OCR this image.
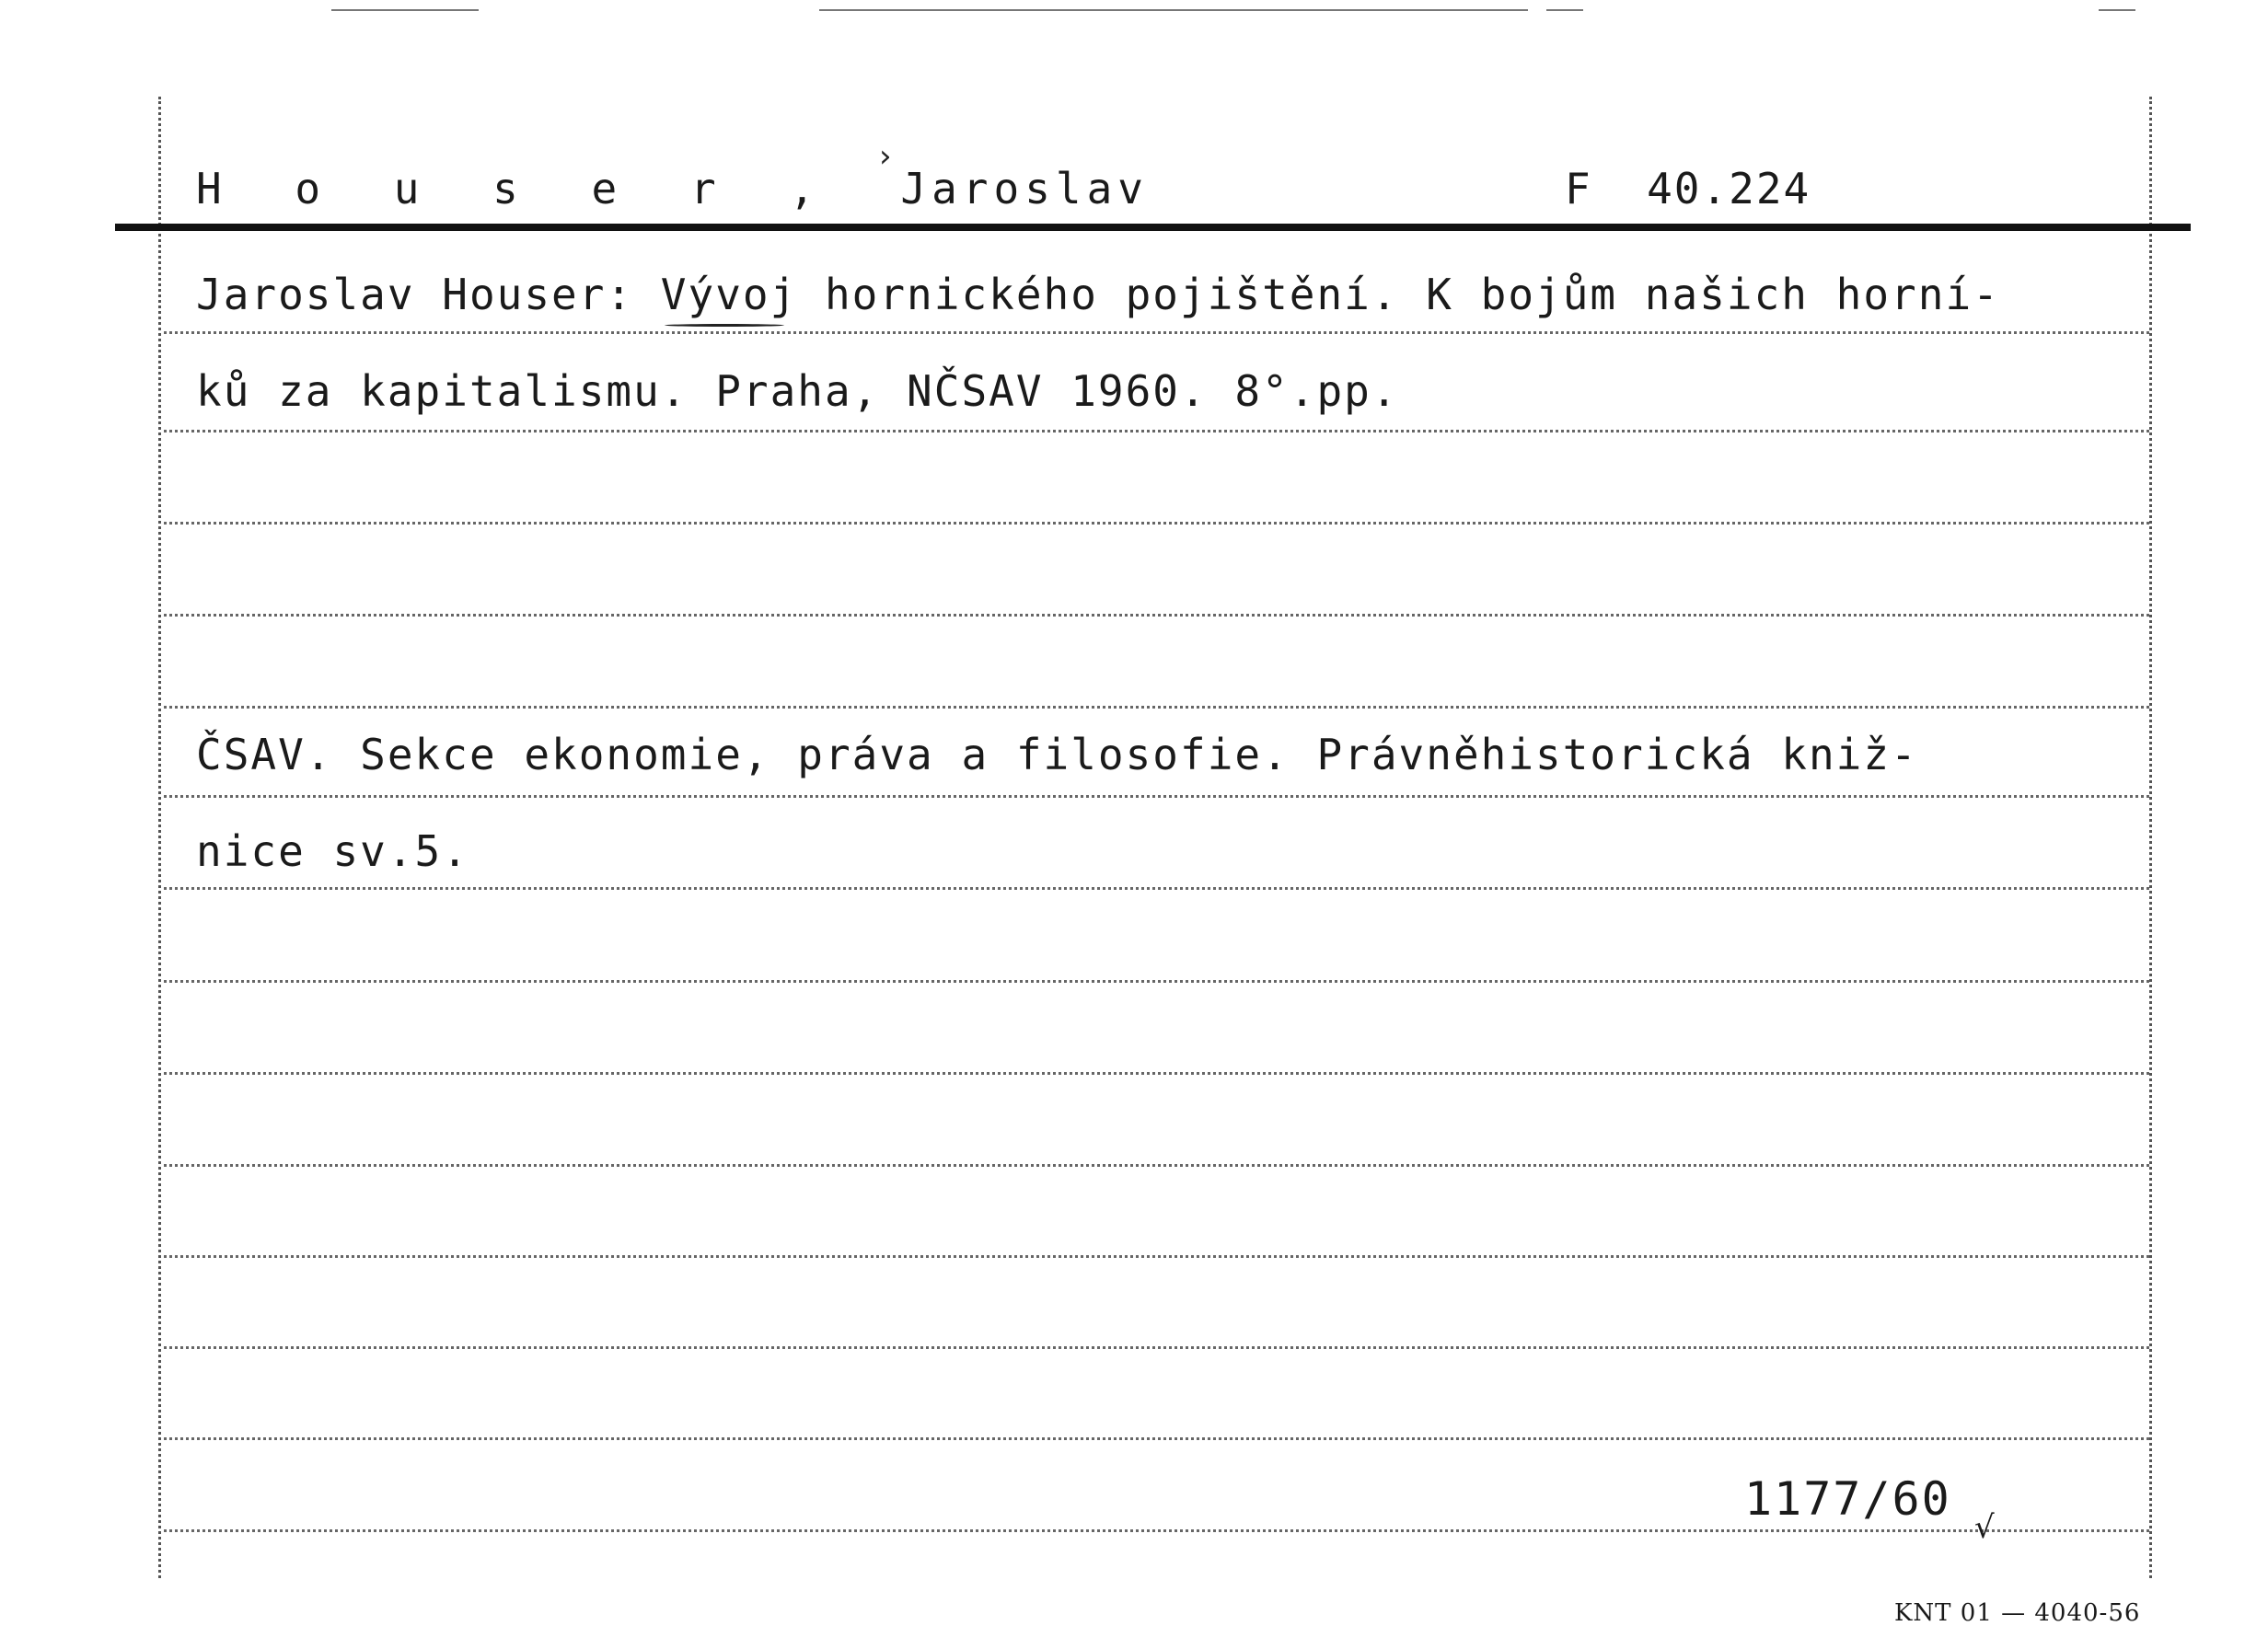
H o u s e r , Jaroslav
›
F  40.224
Jaroslav Houser: Vývoj hornického pojištění. K bojům našich horní-
ků za kapitalismu. Praha, NČSAV 1960. 8°.pp.
ČSAV. Sekce ekonomie, práva a filosofie. Právněhistorická kniž-
nice sv.5.
1177/60
√
KNT 01 — 4040-56
